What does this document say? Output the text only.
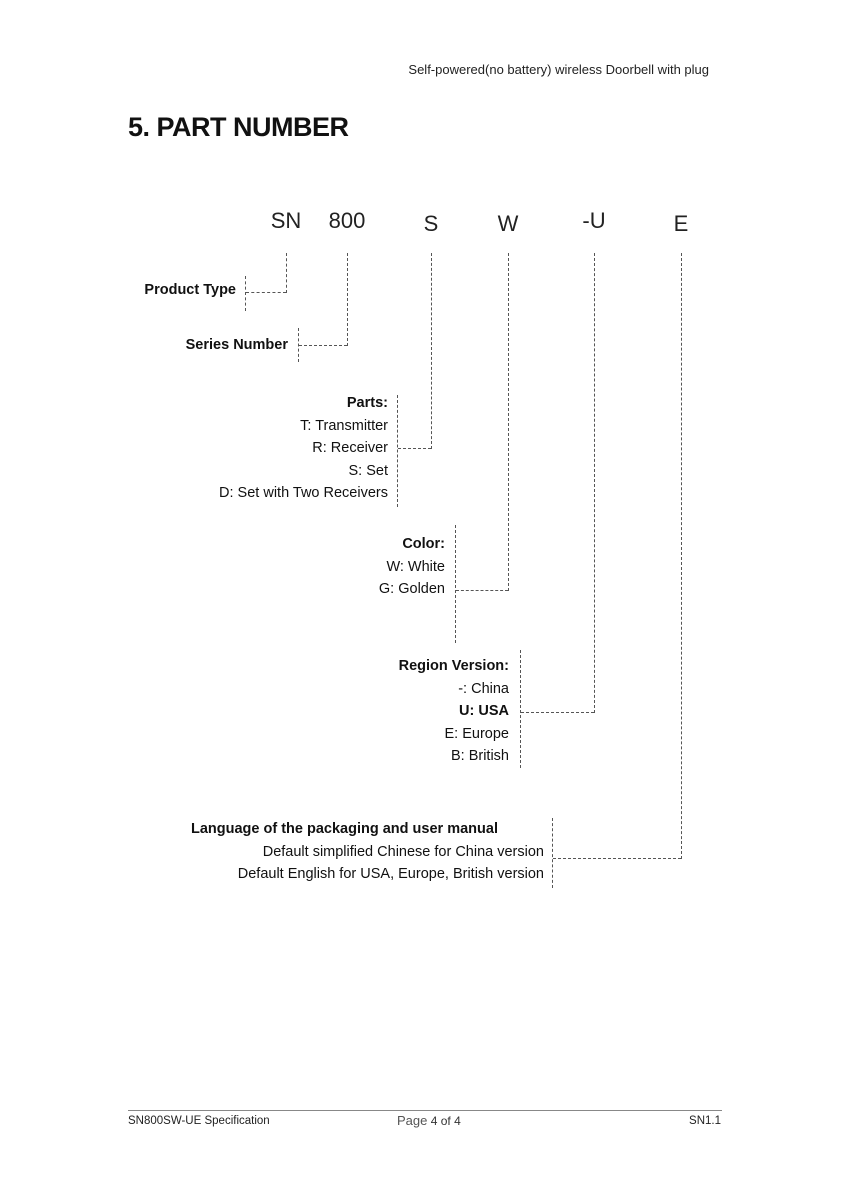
Self-powered(no battery) wireless Doorbell with plug
5. PART NUMBER
SN 800	S	W	-U	E
Product Type
Series Number
Parts:
T: Transmitter
R: Receiver
S: Set
D: Set with Two Receivers
Color:
W: White
G: Golden
Region Version:
-: China
U: USA
E: Europe
B: British
Language of the packaging and user manual
Default simplified Chinese for China version
Default English for USA, Europe, British version
SN800SW-UE Specification	Page 4 of 4	SN1.1
